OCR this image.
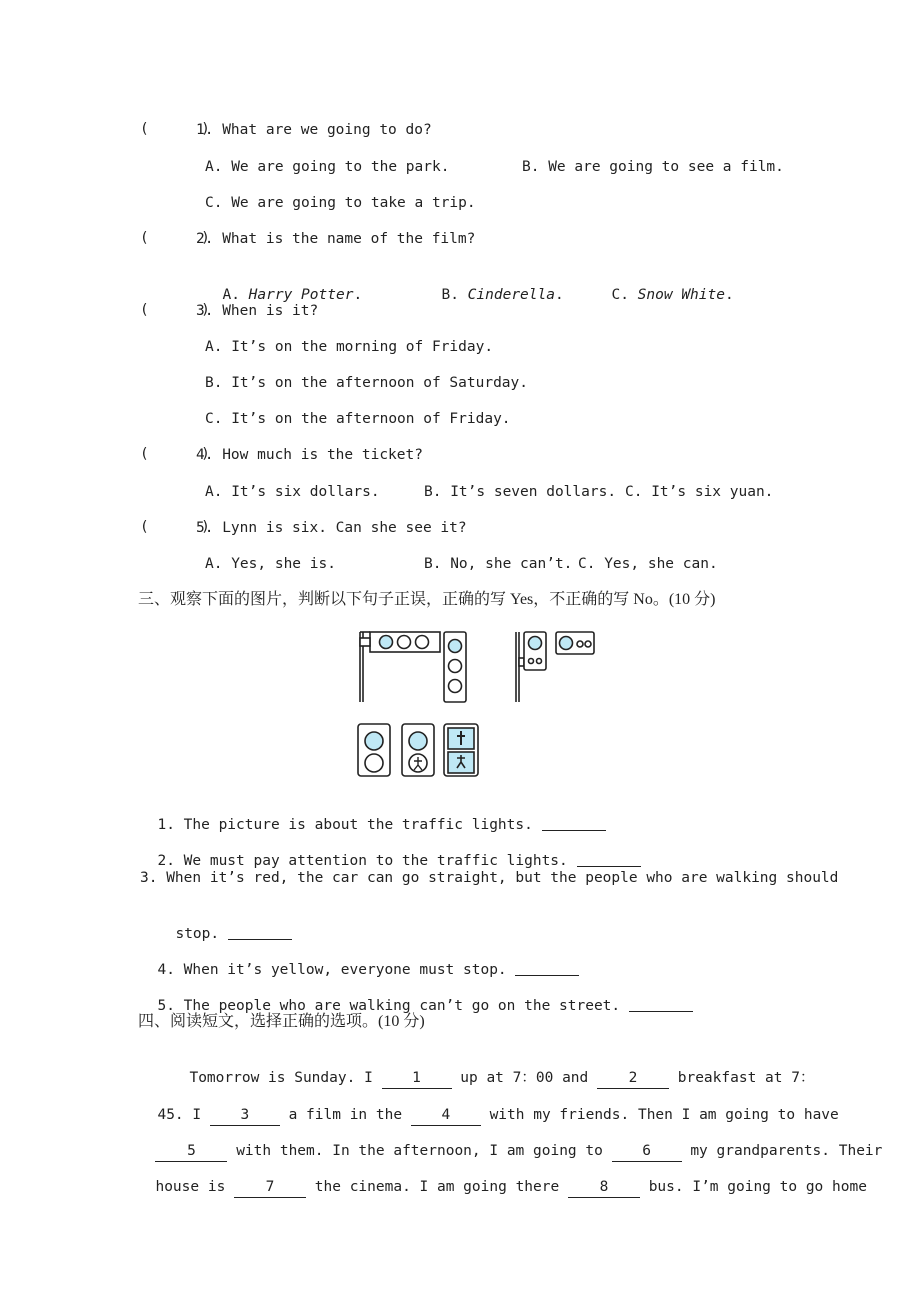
(      )
1. What are we going to do?
A. We are going to the park.	B. We are going to see a film.
C. We are going to take a trip.
(      )
2. What is the name of the film?

A. Harry Potter.	B. Cinderella.	C. Snow White.

(      )
3. When is it?
A. It’s on the morning of Friday.
B. It’s on the afternoon of Saturday.
C. It’s on the afternoon of Friday.
(      )
4. How much is the ticket?
A. It’s six dollars.	B. It’s seven dollars. C. It’s six yuan.
(      )
5. Lynn is six. Can she see it?
A. Yes, she is.	B. No, she can’t. C. Yes, she can.
三、观察下面的图片，判断以下句子正误，正确的写 Yes，不正确的写 No。(10 分)

1. The picture is about the traffic lights.

2. We must pay attention to the traffic lights.

3. When it’s red, the car can go straight, but the people who are walking should

stop.

4. When it’s yellow, everyone must stop.

5. The people who are walking can’t go on the street.

四、阅读短文，选择正确的选项。(10 分)

Tomorrow is Sunday. I	1	up at 7：00 and	2	breakfast at 7：

45. I	3	a film in the	4	with my friends. Then I am going to have

5	with them. In the afternoon, I am going to	6	my grandparents. Their

house is	7	the cinema. I am going there	8	bus. I’m going to go home
